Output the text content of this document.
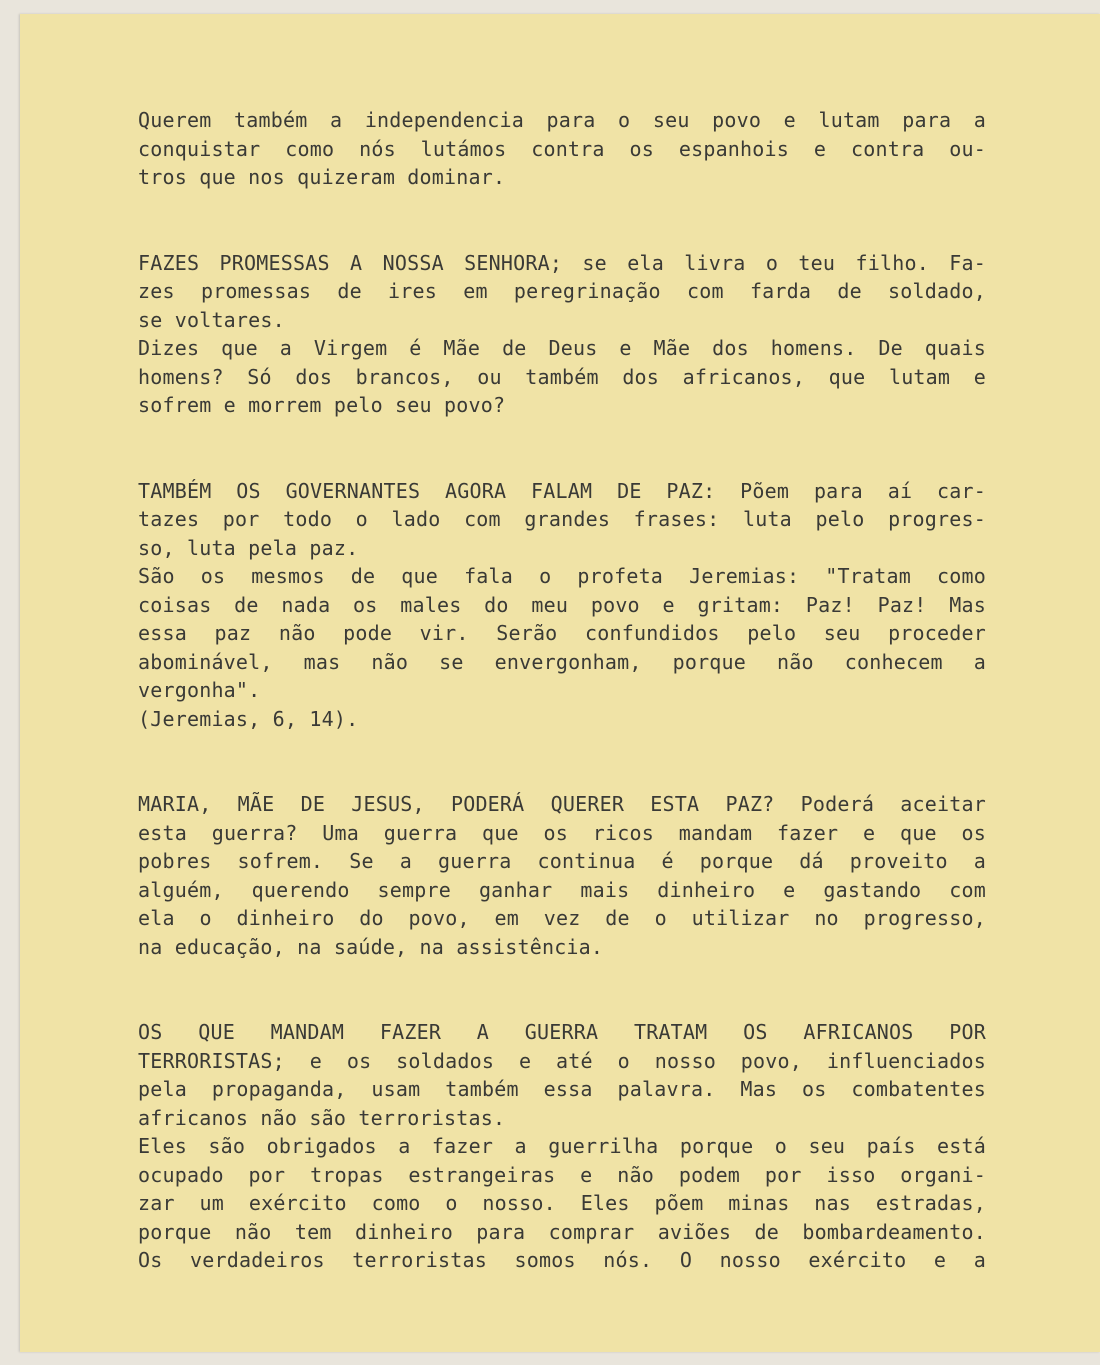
Querem também a independencia para o seu povo e lutam para a
conquistar como nós lutámos contra os espanhois e contra ou-
tros que nos quizeram dominar.
FAZES PROMESSAS A NOSSA SENHORA; se ela livra o teu filho. Fa-
zes promessas de ires em peregrinação com farda de soldado,
se voltares.
Dizes que a Virgem é Mãe de Deus e Mãe dos homens. De quais
homens? Só dos brancos, ou também dos africanos, que lutam e
sofrem e morrem pelo seu povo?
TAMBÉM OS GOVERNANTES AGORA FALAM DE PAZ: Põem para aí car-
tazes por todo o lado com grandes frases: luta pelo progres-
so, luta pela paz.
São os mesmos de que fala o profeta Jeremias: "Tratam como
coisas de nada os males do meu povo e gritam: Paz! Paz! Mas
essa paz não pode vir. Serão confundidos pelo seu proceder
abominável, mas não se envergonham, porque não conhecem a
vergonha".
(Jeremias, 6, 14).
MARIA, MÃE DE JESUS, PODERÁ QUERER ESTA PAZ? Poderá aceitar
esta guerra? Uma guerra que os ricos mandam fazer e que os
pobres sofrem. Se a guerra continua é porque dá proveito a
alguém, querendo sempre ganhar mais dinheiro e gastando com
ela o dinheiro do povo, em vez de o utilizar no progresso,
na educação, na saúde, na assistência.
OS QUE MANDAM FAZER A GUERRA TRATAM OS AFRICANOS POR
TERRORISTAS; e os soldados e até o nosso povo, influenciados
pela propaganda, usam também essa palavra. Mas os combatentes
africanos não são terroristas.
Eles são obrigados a fazer a guerrilha porque o seu país está
ocupado por tropas estrangeiras e não podem por isso organi-
zar um exército como o nosso. Eles põem minas nas estradas,
porque não tem dinheiro para comprar aviões de bombardeamento.
Os verdadeiros terroristas somos nós. O nosso exército e a
